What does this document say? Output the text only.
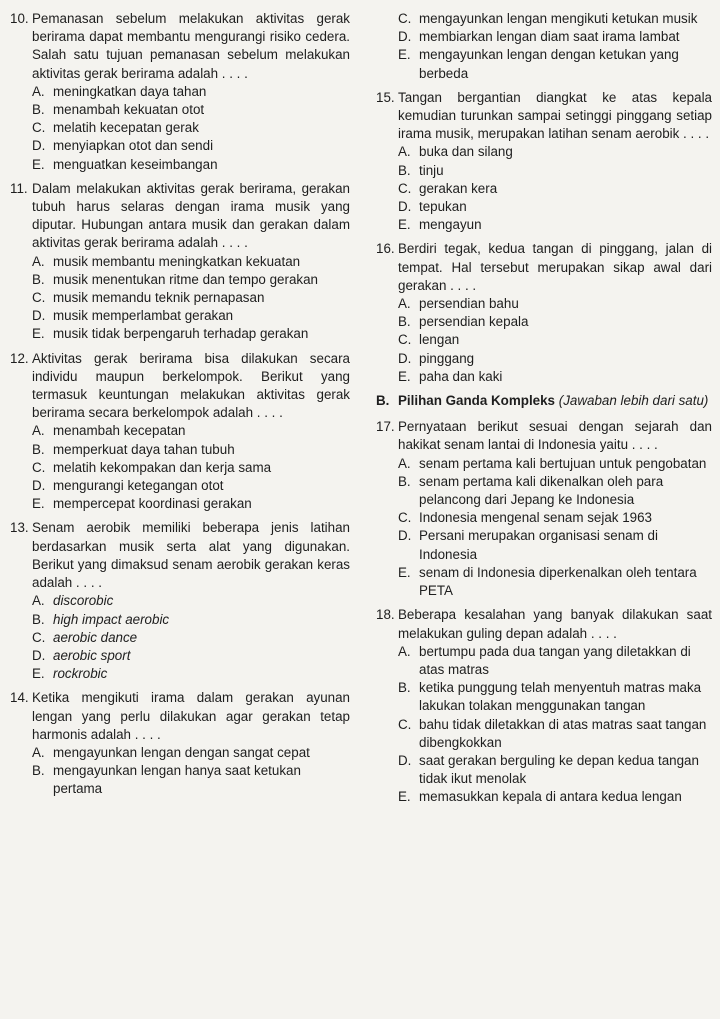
10. Pemanasan sebelum melakukan aktivitas gerak berirama dapat membantu mengurangi risiko cedera. Salah satu tujuan pemanasan sebelum melakukan aktivitas gerak berirama adalah . . . .
A. meningkatkan daya tahan
B. menambah kekuatan otot
C. melatih kecepatan gerak
D. menyiapkan otot dan sendi
E. menguatkan keseimbangan
11. Dalam melakukan aktivitas gerak berirama, gerakan tubuh harus selaras dengan irama musik yang diputar. Hubungan antara musik dan gerakan dalam aktivitas gerak berirama adalah . . . .
A. musik membantu meningkatkan kekuatan
B. musik menentukan ritme dan tempo gerakan
C. musik memandu teknik pernapasan
D. musik memperlambat gerakan
E. musik tidak berpengaruh terhadap gerakan
12. Aktivitas gerak berirama bisa dilakukan secara individu maupun berkelompok. Berikut yang termasuk keuntungan melakukan aktivitas gerak berirama secara berkelompok adalah . . . .
A. menambah kecepatan
B. memperkuat daya tahan tubuh
C. melatih kekompakan dan kerja sama
D. mengurangi ketegangan otot
E. mempercepat koordinasi gerakan
13. Senam aerobik memiliki beberapa jenis latihan berdasarkan musik serta alat yang digunakan. Berikut yang dimaksud senam aerobik gerakan keras adalah . . . .
A. discorobic
B. high impact aerobic
C. aerobic dance
D. aerobic sport
E. rockrobic
14. Ketika mengikuti irama dalam gerakan ayunan lengan yang perlu dilakukan agar gerakan tetap harmonis adalah . . . .
A. mengayunkan lengan dengan sangat cepat
B. mengayunkan lengan hanya saat ketukan pertama
C. mengayunkan lengan mengikuti ketukan musik
D. membiarkan lengan diam saat irama lambat
E. mengayunkan lengan dengan ketukan yang berbeda
15. Tangan bergantian diangkat ke atas kepala kemudian turunkan sampai setinggi pinggang setiap irama musik, merupakan latihan senam aerobik . . . .
A. buka dan silang
B. tinju
C. gerakan kera
D. tepukan
E. mengayun
16. Berdiri tegak, kedua tangan di pinggang, jalan di tempat. Hal tersebut merupakan sikap awal dari gerakan . . . .
A. persendian bahu
B. persendian kepala
C. lengan
D. pinggang
E. paha dan kaki
B. Pilihan Ganda Kompleks (Jawaban lebih dari satu)
17. Pernyataan berikut sesuai dengan sejarah dan hakikat senam lantai di Indonesia yaitu . . . .
A. senam pertama kali bertujuan untuk pengobatan
B. senam pertama kali dikenalkan oleh para pelancong dari Jepang ke Indonesia
C. Indonesia mengenal senam sejak 1963
D. Persani merupakan organisasi senam di Indonesia
E. senam di Indonesia diperkenalkan oleh tentara PETA
18. Beberapa kesalahan yang banyak dilakukan saat melakukan guling depan adalah . . . .
A. bertumpu pada dua tangan yang diletakkan di atas matras
B. ketika punggung telah menyentuh matras maka lakukan tolakan menggunakan tangan
C. bahu tidak diletakkan di atas matras saat tangan dibengkokkan
D. saat gerakan berguling ke depan kedua tangan tidak ikut menolak
E. memasukkan kepala di antara kedua lengan
